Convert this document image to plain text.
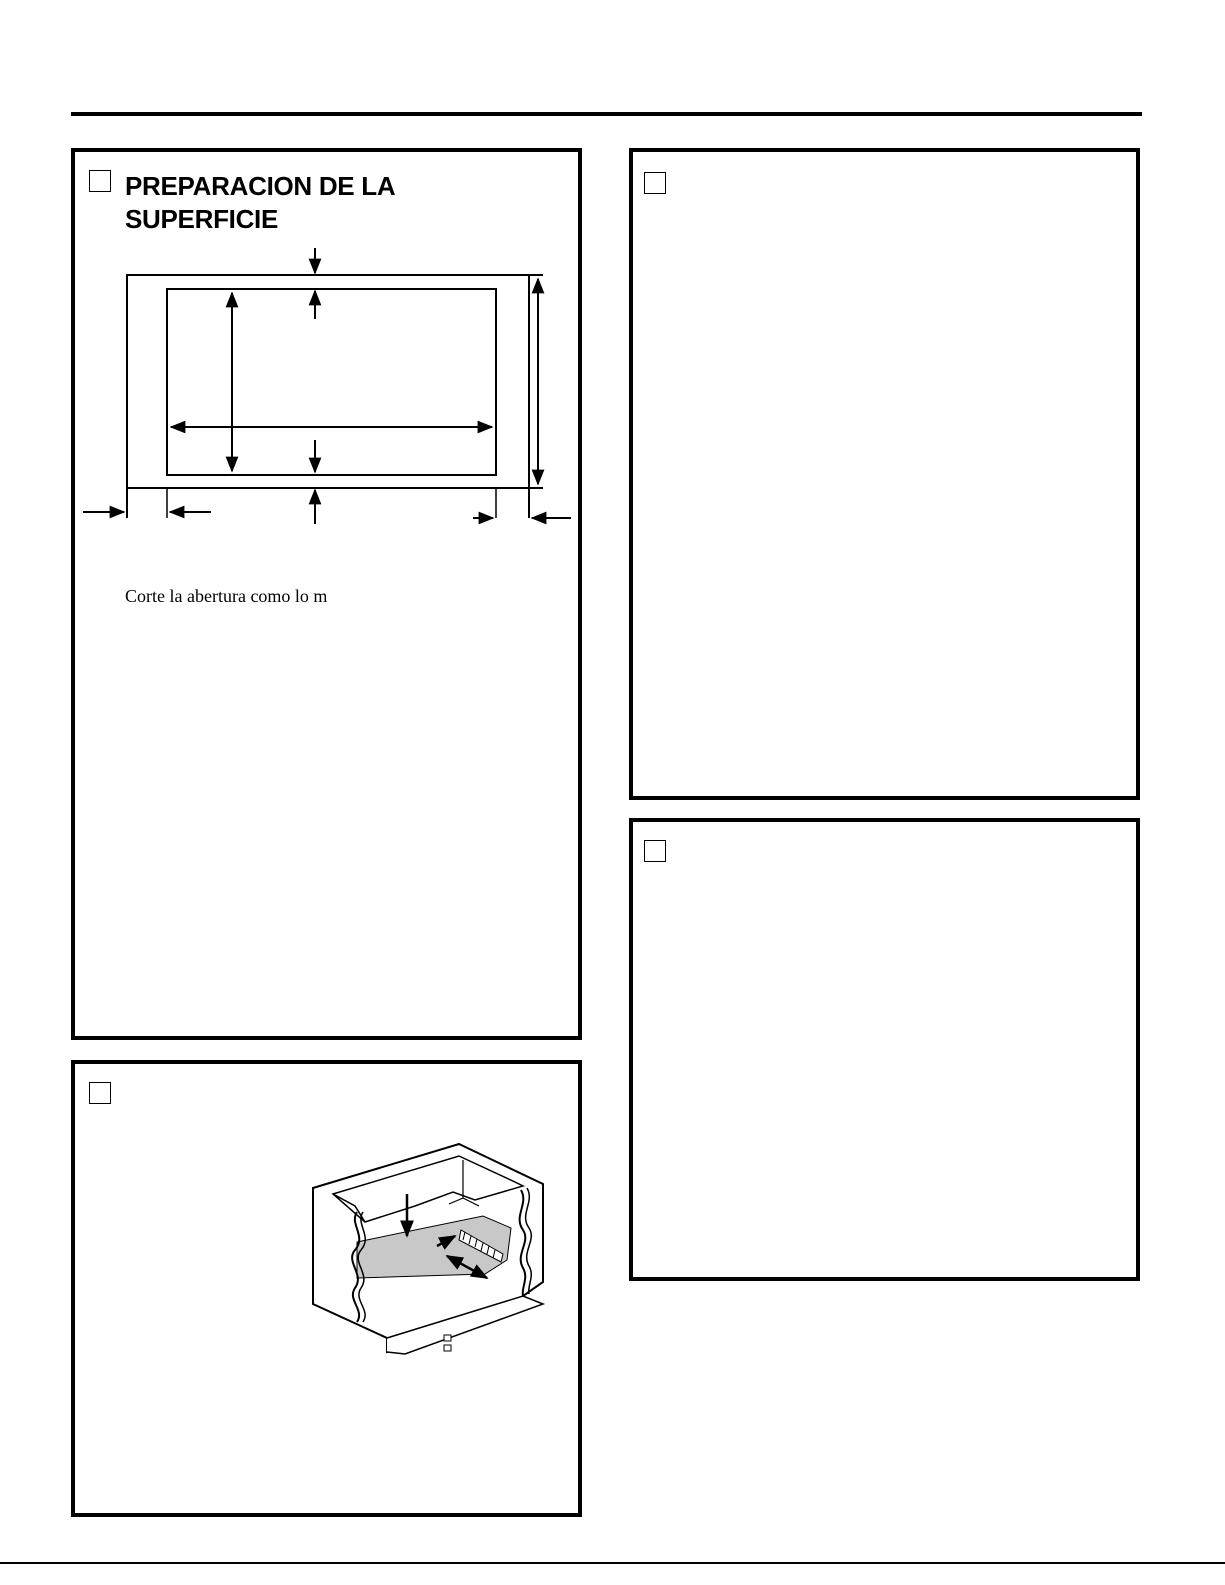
PREPARACION DE LA
SUPERFICIE

Corte la abertura como lo m
